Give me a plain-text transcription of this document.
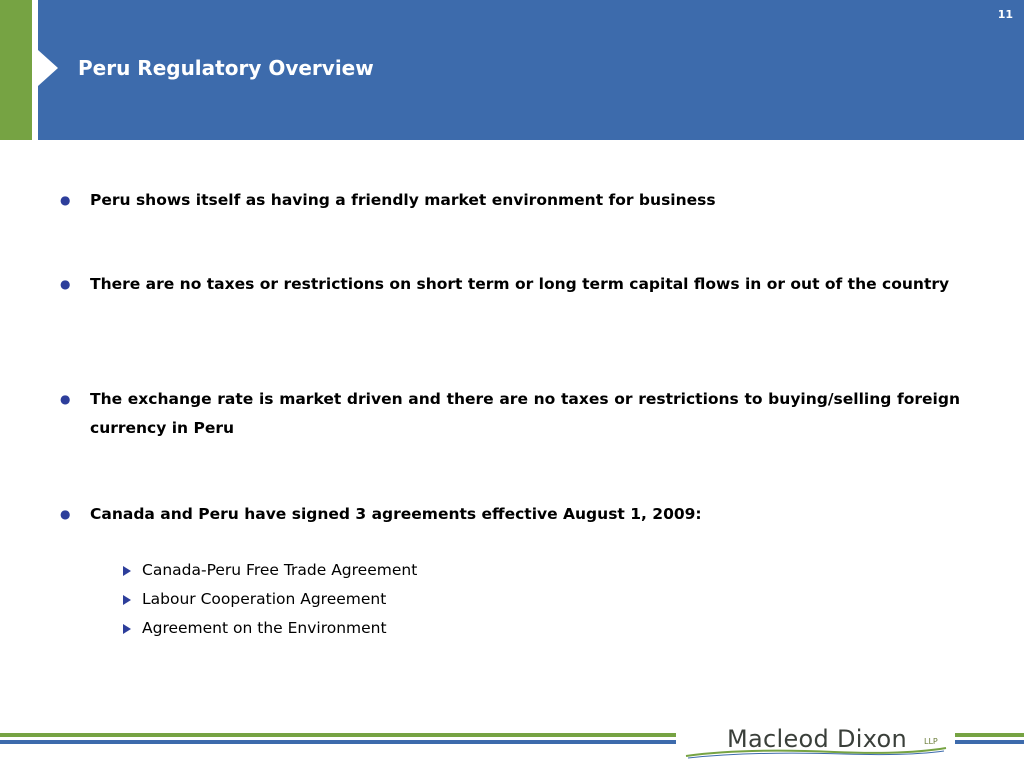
11
Peru Regulatory Overview
● Peru shows itself as having a friendly market environment for business
● There are no taxes or restrictions on short term or long term capital flows in or out of the country
● The exchange rate is market driven and there are no taxes or restrictions to buying/selling foreign currency in Peru
● Canada and Peru have signed 3 agreements effective August 1, 2009:
Canada-Peru Free Trade Agreement
Labour Cooperation Agreement
Agreement on the Environment
Macleod Dixon LLP
